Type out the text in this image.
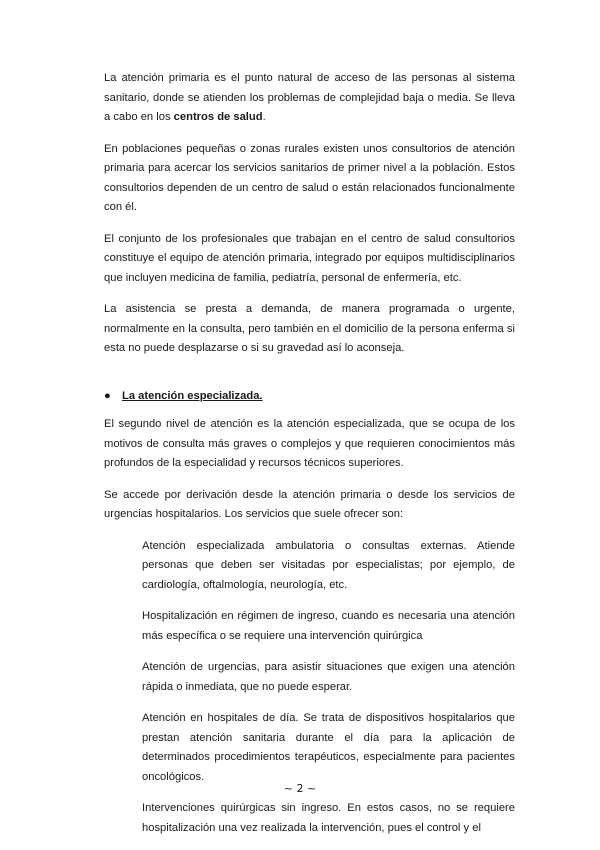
La atención primaria es el punto natural de acceso de las personas al sistema sanitario, donde se atienden los problemas de complejidad baja o media. Se lleva a cabo en los centros de salud.

En poblaciones pequeñas o zonas rurales existen unos consultorios de atención primaria para acercar los servicios sanitarios de primer nivel a la población. Estos consultorios dependen de un centro de salud o están relacionados funcionalmente con él.

El conjunto de los profesionales que trabajan en el centro de salud consultorios constituye el equipo de atención primaria, integrado por equipos multidisciplinarios que incluyen medicina de familia, pediatría, personal de enfermería, etc.

La asistencia se presta a demanda, de manera programada o urgente, normalmente en la consulta, pero también en el domicilio de la persona enferma si esta no puede desplazarse o si su gravedad así lo aconseja.

● La atención especializada.

El segundo nivel de atención es la atención especializada, que se ocupa de los motivos de consulta más graves o complejos y que requieren conocimientos más profundos de la especialidad y recursos técnicos superiores.

Se accede por derivación desde la atención primaria o desde los servicios de urgencias hospitalarios. Los servicios que suele ofrecer son:

Atención especializada ambulatoria o consultas externas. Atiende personas que deben ser visitadas por especialistas; por ejemplo, de cardiología, oftalmología, neurología, etc.

Hospitalización en régimen de ingreso, cuando es necesaria una atención más específica o se requiere una intervención quirúrgica

Atención de urgencias, para asistir situaciones que exigen una atención rápida o inmediata, que no puede esperar.

Atención en hospitales de día. Se trata de dispositivos hospitalarios que prestan atención sanitaria durante el día para la aplicación de determinados procedimientos terapéuticos, especialmente para pacientes oncológicos.

Intervenciones quirúrgicas sin ingreso. En estos casos, no se requiere hospitalización una vez realizada la intervención, pues el control y el

~ 2 ~
